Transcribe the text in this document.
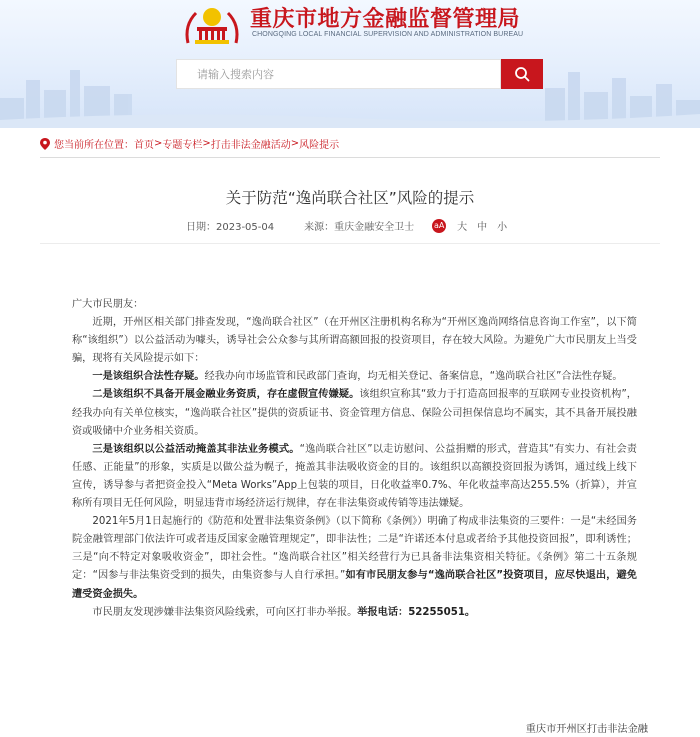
重庆市地方金融监督管理局
CHONGQING LOCAL FINANCIAL SUPERVISION AND ADMINISTRATION BUREAU
请输入搜索内容
您当前所在位置： 首页 > 专题专栏 > 打击非法金融活动 > 风险提示
关于防范“逸尚联合社区”风险的提示
日期：2023-05-04	来源：重庆金融安全卫士 aA 大 中 小

广大市民朋友：

近期，开州区相关部门排查发现，“逸尚联合社区”（在开州区注册机构名称为“开州区逸尚网络信息咨询工作室”，以下简称“该组织”）以公益活动为噱头，诱导社会公众参与其所谓高额回报的投资项目，存在较大风险。为避免广大市民朋友上当受骗，现将有关风险提示如下：

一是该组织合法性存疑。经我办向市场监管和民政部门查询，均无相关登记、备案信息，“逸尚联合社区”合法性存疑。

二是该组织不具备开展金融业务资质，存在虚假宣传嫌疑。该组织宣称其“致力于打造高回报率的互联网专业投资机构”，经我办向有关单位核实，“逸尚联合社区”提供的资质证书、资金管理方信息、保险公司担保信息均不属实，其不具备开展投融资或吸储中介业务相关资质。

三是该组织以公益活动掩盖其非法业务模式。“逸尚联合社区”以走访慰问、公益捐赠的形式，营造其“有实力、有社会责任感、正能量”的形象，实质是以做公益为幌子，掩盖其非法吸收资金的目的。该组织以高额投资回报为诱饵，通过线上线下宣传，诱导参与者把资金投入“Meta Works”App上包装的项目，日化收益率0.7%、年化收益率高达255.5%（折算），并宣称所有项目无任何风险，明显违背市场经济运行规律，存在非法集资或传销等违法嫌疑。

2021年5月1日起施行的《防范和处置非法集资条例》（以下简称《条例》）明确了构成非法集资的三要件：一是“未经国务院金融管理部门依法许可或者违反国家金融管理规定”，即非法性；二是“许诺还本付息或者给予其他投资回报”，即利诱性；三是“向不特定对象吸收资金”，即社会性。“逸尚联合社区”相关经营行为已具备非法集资相关特征。《条例》第二十五条规定：“因参与非法集资受到的损失，由集资参与人自行承担。”如有市民朋友参与“逸尚联合社区”投资项目，应尽快退出，避免遭受资金损失。

市民朋友发现涉嫌非法集资风险线索，可向区打非办举报。举报电话：52255051。

重庆市开州区打击非法金融
